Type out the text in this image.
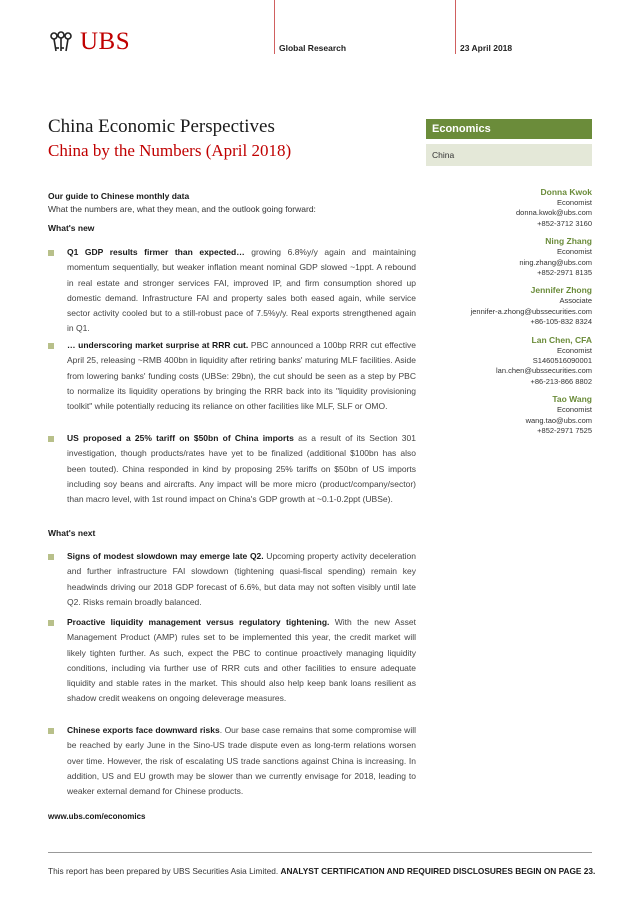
UBS	Global Research	23 April 2018
China Economic Perspectives
China by the Numbers (April 2018)
Economics
China
Our guide to Chinese monthly data
What the numbers are, what they mean, and the outlook going forward:
What's new
Q1 GDP results firmer than expected… growing 6.8%y/y again and maintaining momentum sequentially, but weaker inflation meant nominal GDP slowed ~1ppt. A rebound in real estate and stronger services FAI, improved IP, and firm consumption shored up domestic demand. Infrastructure FAI and property sales both eased again, while service sector activity cooled but to a still-robust pace of 7.5%y/y. Real exports strengthened again in Q1.
… underscoring market surprise at RRR cut. PBC announced a 100bp RRR cut effective April 25, releasing ~RMB 400bn in liquidity after retiring banks' maturing MLF facilities. Aside from lowering banks' funding costs (UBSe: 29bn), the cut should be seen as a step by PBC to normalize its liquidity operations by bringing the RRR back into its "liquidity provisioning toolkit" while potentially reducing its reliance on other facilities like MLF, SLF or OMO.
US proposed a 25% tariff on $50bn of China imports as a result of its Section 301 investigation, though products/rates have yet to be finalized (additional $100bn has also been touted). China responded in kind by proposing 25% tariffs on $50bn of US imports including soy beans and aircrafts. Any impact will be more micro (product/company/sector) than macro level, with 1st round impact on China's GDP growth at ~0.1-0.2ppt (UBSe).
What's next
Signs of modest slowdown may emerge late Q2. Upcoming property activity deceleration and further infrastructure FAI slowdown (tightening quasi-fiscal spending) remain key headwinds driving our 2018 GDP forecast of 6.6%, but data may not soften visibly until late Q2. Risks remain broadly balanced.
Proactive liquidity management versus regulatory tightening. With the new Asset Management Product (AMP) rules set to be implemented this year, the credit market will likely tighten further. As such, expect the PBC to continue proactively managing liquidity conditions, including via further use of RRR cuts and other facilities to ensure adequate liquidity and stable rates in the market. This should also help keep bank loans resilient as shadow credit weakens on ongoing deleverage measures.
Chinese exports face downward risks. Our base case remains that some compromise will be reached by early June in the Sino-US trade dispute even as long-term relations worsen over time. However, the risk of escalating US trade sanctions against China is increasing. In addition, US and EU growth may be slower than we currently envisage for 2018, leading to weaker external demand for Chinese products.
Donna Kwok
Economist
donna.kwok@ubs.com
+852-3712 3160
Ning Zhang
Economist
ning.zhang@ubs.com
+852-2971 8135
Jennifer Zhong
Associate
jennifer-a.zhong@ubssecurities.com
+86-105-832 8324
Lan Chen, CFA
Economist
S1460516090001
lan.chen@ubssecurities.com
+86-213-866 8802
Tao Wang
Economist
wang.tao@ubs.com
+852-2971 7525
www.ubs.com/economics
This report has been prepared by UBS Securities Asia Limited. ANALYST CERTIFICATION AND REQUIRED DISCLOSURES BEGIN ON PAGE 23.
